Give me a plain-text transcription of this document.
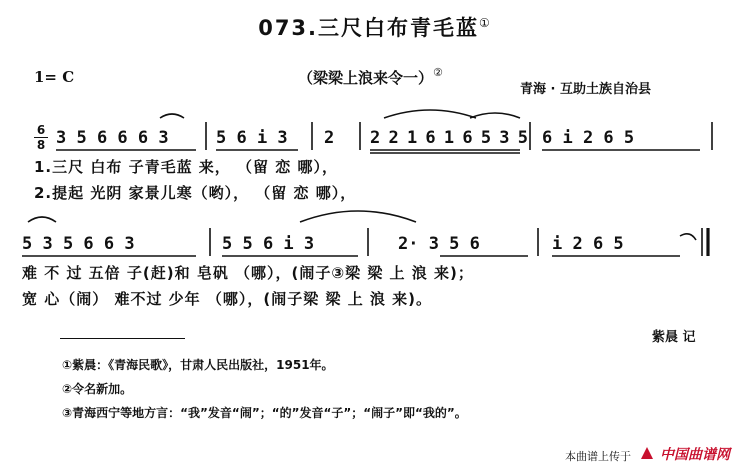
073.三尺白布青毛蓝①
1= C	（梁梁上浪来令一）②
青海 · 互助土族自治县
6
8 3 5 6 6 6 3	5 6 i 3 2 2 2 1 6 1 6 5 3 5 6 i 2 6 5
1.三尺 白布 子青毛蓝 来， （留 恋 哪），
2.提起 光阴 家景儿寒（哟）， （留 恋 哪），
5 3 5 6 6 3	5 5 6 i 3	2· 3 5 6	i 2 6 5
难 不 过 五倍 子(赶)和 皂矾 （哪），(闹子③梁 梁 上 浪 来)；
宽 心（闹） 难不过 少年 （哪），(闹子梁 梁 上 浪 来)。
紫晨 记
①紫晨：《青海民歌》，甘肃人民出版社，1951年。
②令名新加。
③青海西宁等地方言：“我”发音“闹”；“的”发音“子”；“闹子”即“我的”。
本曲谱上传于 中国曲谱网
